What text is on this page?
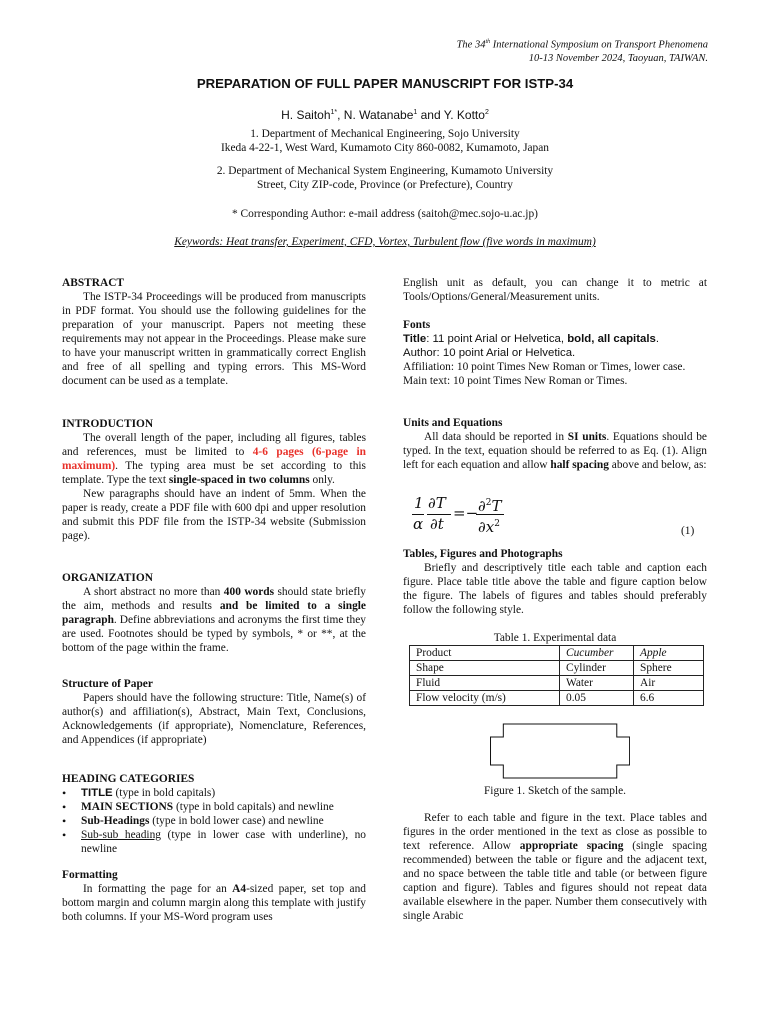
The 34th International Symposium on Transport Phenomena
10-13 November 2024, Taoyuan, TAIWAN.
PREPARATION OF FULL PAPER MANUSCRIPT FOR ISTP-34
H. Saitoh$^{1*}$, N. Watanabe$^1$ and Y. Kotto$^2$
1. Department of Mechanical Engineering, Sojo University
Ikeda 4-22-1, West Ward, Kumamoto City 860-0082, Kumamoto, Japan
2. Department of Mechanical System Engineering, Kumamoto University
Street, City ZIP-code, Province (or Prefecture), Country
* Corresponding Author: e-mail address (saitoh@mec.sojo-u.ac.jp)
Keywords: Heat transfer, Experiment, CFD, Vortex, Turbulent flow (five words in maximum)
ABSTRACT

The ISTP-34 Proceedings will be produced from manuscripts in PDF format. You should use the following guidelines for the preparation of your manuscript. Papers not meeting these requirements may not appear in the Proceedings. Please make sure to have your manuscript written in grammatically correct English and free of all spelling and typing errors. This MS-Word document can be used as a template.

INTRODUCTION

The overall length of the paper, including all figures, tables and references, must be limited to 4-6 pages (6-page in maximum). The typing area must be set according to this template. Type the text single-spaced in two columns only.

New paragraphs should have an indent of 5mm. When the paper is ready, create a PDF file with 600 dpi and upper resolution and submit this PDF file from the ISTP-34 website (Submission page).

ORGANIZATION

A short abstract no more than 400 words should state briefly the aim, methods and results and be limited to a single paragraph. Define abbreviations and acronyms the first time they are used. Footnotes should be typed by symbols, * or **, at the bottom of the page within the frame.

Structure of Paper

Papers should have the following structure: Title, Name(s) of author(s) and affiliation(s), Abstract, Main Text, Conclusions, Acknowledgements (if appropriate), Nomenclature, References, and Appendices (if appropriate)

HEADING CATEGORIES
• TITLE (type in bold capitals)
• MAIN SECTIONS (type in bold capitals) and newline
• Sub-Headings (type in bold lower case) and newline
• Sub-sub heading (type in lower case with underline), no newline
Formatting

In formatting the page for an A4-sized paper, set top and bottom margin and column margin along this template with justify both columns. If your MS-Word program uses

English unit as default, you can change it to metric at Tools/Options/General/Measurement units.
Fonts
Title: 11 point Arial or Helvetica, bold, all capitals.
Author: 10 point Arial or Helvetica.
Affiliation: 10 point Times New Roman or Times, lower case.
Main text: 10 point Times New Roman or Times.
Units and Equations

All data should be reported in SI units. Equations should be typed. In the text, equation should be referred to as Eq. (1). Align left for each equation and allow half spacing above and below, as:

1
α
∂T
∂t
=− ∂$^2$T
$\partial x^2$
(1)
Tables, Figures and Photographs

Briefly and descriptively title each table and caption each figure. Place table title above the table and figure caption below the figure. The labels of figures and tables should preferably follow the following style.

Table 1. Experimental data
Product	Cucumber	Apple
Shape	Cylinder	Sphere
Fluid	Water	Air
Flow velocity (m/s)	0.05	6.6
Figure 1. Sketch of the sample.

Refer to each table and figure in the text. Place tables and figures in the order mentioned in the text as close as possible to text reference. Allow appropriate spacing (single spacing recommended) between the table or figure and the adjacent text, and no space between the table title and table (or between figure caption and figure). Tables and figures should not repeat data available elsewhere in the paper. Number them consecutively with single Arabic
